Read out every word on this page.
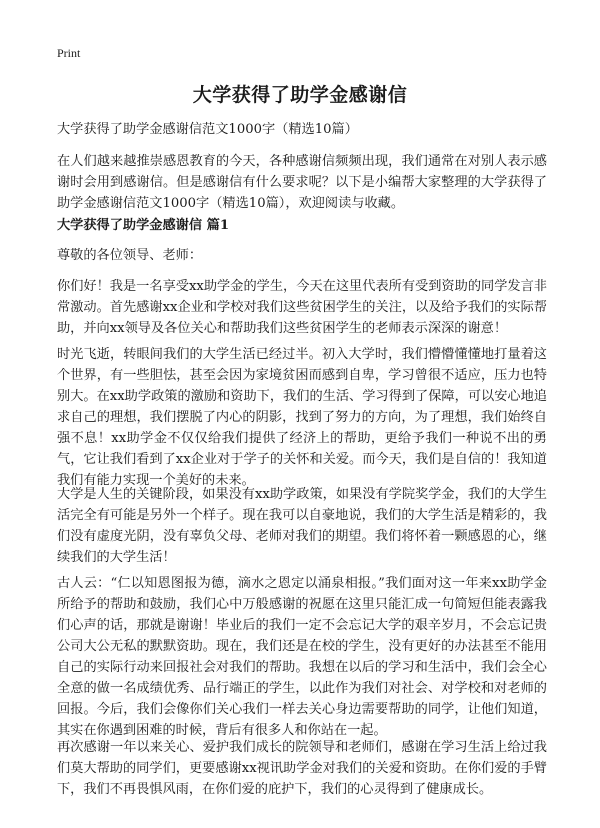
Print
大学获得了助学金感谢信
大学获得了助学金感谢信范文1000字（精选10篇）
在人们越来越推崇感恩教育的今天，各种感谢信频频出现，我们通常在对别人表示感谢时会用到感谢信。但是感谢信有什么要求呢？以下是小编帮大家整理的大学获得了助学金感谢信范文1000字（精选10篇），欢迎阅读与收藏。
大学获得了助学金感谢信 篇1
尊敬的各位领导、老师：
你们好！我是一名享受xx助学金的学生，今天在这里代表所有受到资助的同学发言非常激动。首先感谢xx企业和学校对我们这些贫困学生的关注，以及给予我们的实际帮助，并向xx领导及各位关心和帮助我们这些贫困学生的老师表示深深的谢意！
时光飞逝，转眼间我们的大学生活已经过半。初入大学时，我们懵懵懂懂地打量着这个世界，有一些胆怯，甚至会因为家境贫困而感到自卑，学习曾很不适应，压力也特别大。在xx助学政策的激励和资助下，我们的生活、学习得到了保障，可以安心地追求自己的理想，我们摆脱了内心的阴影，找到了努力的方向，为了理想，我们始终自强不息！xx助学金不仅仅给我们提供了经济上的帮助，更给予我们一种说不出的勇气，它让我们看到了xx企业对于学子的关怀和关爱。而今天，我们是自信的！我知道我们有能力实现一个美好的未来。
大学是人生的关键阶段，如果没有xx助学政策，如果没有学院奖学金，我们的大学生活完全有可能是另外一个样子。现在我可以自豪地说，我们的大学生活是精彩的，我们没有虚度光阴，没有辜负父母、老师对我们的期望。我们将怀着一颗感恩的心，继续我们的大学生活！
古人云：“仁以知恩图报为德，滴水之恩定以涌泉相报。”我们面对这一年来xx助学金所给予的帮助和鼓励，我们心中万般感谢的祝愿在这里只能汇成一句简短但能表露我们心声的话，那就是谢谢！毕业后的我们一定不会忘记大学的艰辛岁月，不会忘记贵公司大公无私的默默资助。现在，我们还是在校的学生，没有更好的办法甚至不能用自己的实际行动来回报社会对我们的帮助。我想在以后的学习和生活中，我们会全心全意的做一名成绩优秀、品行端正的学生，以此作为我们对社会、对学校和对老师的回报。今后，我们会像你们关心我们一样去关心身边需要帮助的同学，让他们知道，其实在你遇到困难的时候，背后有很多人和你站在一起。
再次感谢一年以来关心、爱护我们成长的院领导和老师们，感谢在学习生活上给过我们莫大帮助的同学们，更要感谢xx视讯助学金对我们的关爱和资助。在你们爱的手臂下，我们不再畏惧风雨，在你们爱的庇护下，我们的心灵得到了健康成长。
